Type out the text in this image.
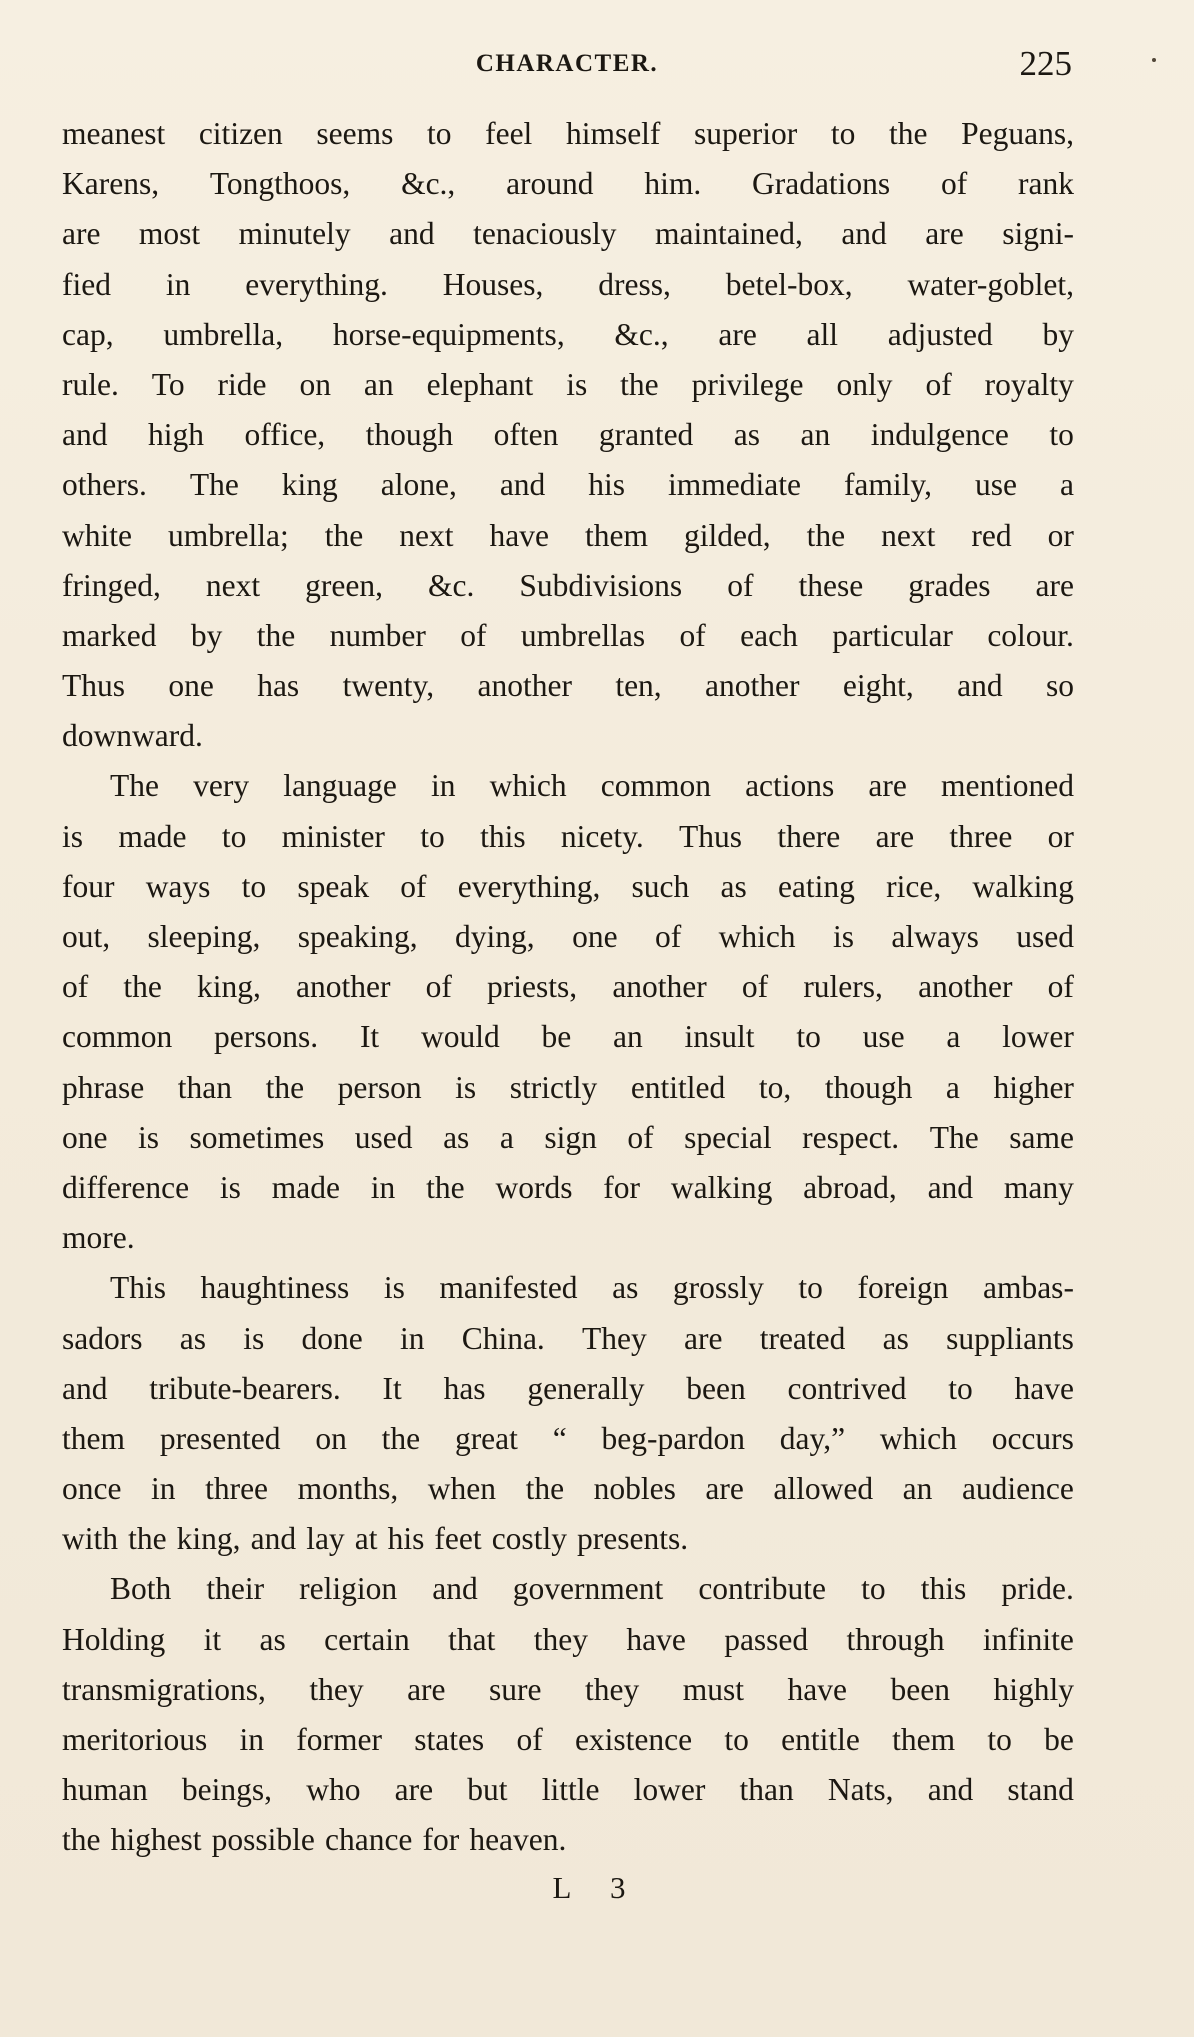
CHARACTER.	225
meanest citizen seems to feel himself superior to the Peguans,
Karens, Tongthoos, &c., around him. Gradations of rank
are most minutely and tenaciously maintained, and are signi-
fied in everything. Houses, dress, betel-box, water-goblet,
cap, umbrella, horse-equipments, &c., are all adjusted by
rule. To ride on an elephant is the privilege only of royalty
and high office, though often granted as an indulgence to
others. The king alone, and his immediate family, use a
white umbrella; the next have them gilded, the next red or
fringed, next green, &c. Subdivisions of these grades are
marked by the number of umbrellas of each particular colour.
Thus one has twenty, another ten, another eight, and so
downward.
The very language in which common actions are mentioned
is made to minister to this nicety. Thus there are three or
four ways to speak of everything, such as eating rice, walking
out, sleeping, speaking, dying, one of which is always used
of the king, another of priests, another of rulers, another of
common persons. It would be an insult to use a lower
phrase than the person is strictly entitled to, though a higher
one is sometimes used as a sign of special respect. The same
difference is made in the words for walking abroad, and many
more.
This haughtiness is manifested as grossly to foreign ambas-
sadors as is done in China. They are treated as suppliants
and tribute-bearers. It has generally been contrived to have
them presented on the great “ beg-pardon day,” which occurs
once in three months, when the nobles are allowed an audience
with the king, and lay at his feet costly presents.
Both their religion and government contribute to this pride.
Holding it as certain that they have passed through infinite
transmigrations, they are sure they must have been highly
meritorious in former states of existence to entitle them to be
human beings, who are but little lower than Nats, and stand
the highest possible chance for heaven.
L 3
